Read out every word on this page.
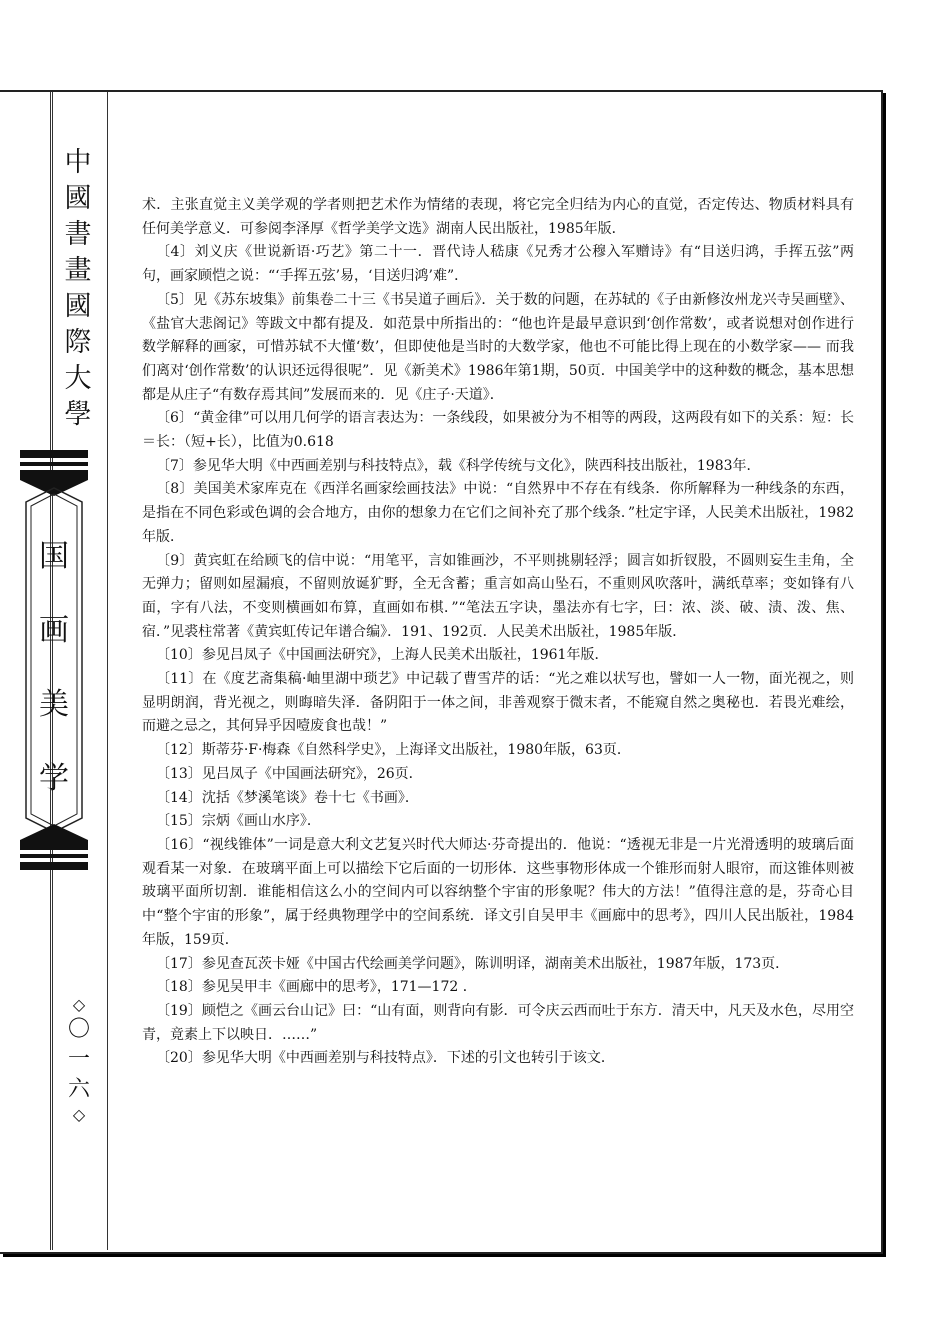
中
國
書
畫
國
際
大
學
国
画
美
学
◇
〇
一
六
◇

术．主张直觉主义美学观的学者则把艺术作为情绪的表现，将它完全归结为内心的直觉，否定传达、物质材料具有任何美学意义．可参阅李泽厚《哲学美学文选》湖南人民出版社，1985年版．

〔4〕刘义庆《世说新语·巧艺》第二十一．晋代诗人嵇康《兄秀才公穆入军赠诗》有“目送归鸿，手挥五弦”两句，画家顾恺之说：“‘手挥五弦’易，‘目送归鸿’难”．

〔5〕见《苏东坡集》前集卷二十三《书吴道子画后》．关于数的问题，在苏轼的《子由新修汝州龙兴寺吴画壁》、《盐官大悲阁记》等跋文中都有提及．如范景中所指出的：“他也许是最早意识到‘创作常数’，或者说想对创作进行数学解释的画家，可惜苏轼不大懂‘数’，但即使他是当时的大数学家，他也不可能比得上现在的小数学家—— 而我们离对‘创作常数’的认识还远得很呢”．见《新美术》1986年第1期，50页．中国美学中的这种数的概念，基本思想都是从庄子“有数存焉其间”发展而来的．见《庄子·天道》．

〔6〕“黄金律”可以用几何学的语言表达为：一条线段，如果被分为不相等的两段，这两段有如下的关系：短：长＝长：（短+长），比值为0.618

〔7〕参见华大明《中西画差别与科技特点》，载《科学传统与文化》，陕西科技出版社，1983年．

〔8〕美国美术家库克在《西洋名画家绘画技法》中说：“自然界中不存在有线条．你所解释为一种线条的东西，是指在不同色彩或色调的会合地方，由你的想象力在它们之间补充了那个线条．”杜定宇译，人民美术出版社，1982年版．

〔9〕黄宾虹在给顾飞的信中说：“用笔平，言如锥画沙，不平则挑剔轻浮；圆言如折钗股，不圆则妄生圭角，全无弹力；留则如屋漏痕，不留则放诞犷野，全无含蓄；重言如高山坠石，不重则风吹落叶，满纸草率；变如锋有八面，字有八法，不变则横画如布算，直画如布棋．”“笔法五字诀，墨法亦有七字，曰：浓、淡、破、渍、泼、焦、宿．”见裘柱常著《黄宾虹传记年谱合编》．191、192页．人民美术出版社，1985年版．

〔10〕参见吕凤子《中国画法研究》，上海人民美术出版社，1961年版．

〔11〕在《度艺斋集稿·岫里湖中琐艺》中记载了曹雪芹的话：“光之难以状写也，譬如一人一物，面光视之，则显明朗润，背光视之，则晦暗失泽．备阴阳于一体之间，非善观察于微末者，不能窥自然之奥秘也．若畏光难绘，而避之忌之，其何异乎因噎废食也哉！”

〔12〕斯蒂芬·F·梅森《自然科学史》，上海译文出版社，1980年版，63页．

〔13〕见吕凤子《中国画法研究》，26页．

〔14〕沈括《梦溪笔谈》卷十七《书画》．

〔15〕宗炳《画山水序》．

〔16〕“视线锥体”一词是意大利文艺复兴时代大师达·芬奇提出的．他说：“透视无非是一片光滑透明的玻璃后面观看某一对象．在玻璃平面上可以描绘下它后面的一切形体．这些事物形体成一个锥形而射人眼帘，而这锥体则被玻璃平面所切割．谁能相信这么小的空间内可以容纳整个宇宙的形象呢？伟大的方法！”值得注意的是，芬奇心目中“整个宇宙的形象”，属于经典物理学中的空间系统．译文引自吴甲丰《画廊中的思考》，四川人民出版社，1984年版，159页．

〔17〕参见查瓦茨卡娅《中国古代绘画美学问题》，陈训明译，湖南美术出版社，1987年版，173页．

〔18〕参见吴甲丰《画廊中的思考》，171—172 ．

〔19〕顾恺之《画云台山记》曰：“山有面，则背向有影．可令庆云西而吐于东方．清天中，凡天及水色，尽用空青，竟素上下以映日．……”

〔20〕参见华大明《中西画差别与科技特点》．下述的引文也转引于该文．
